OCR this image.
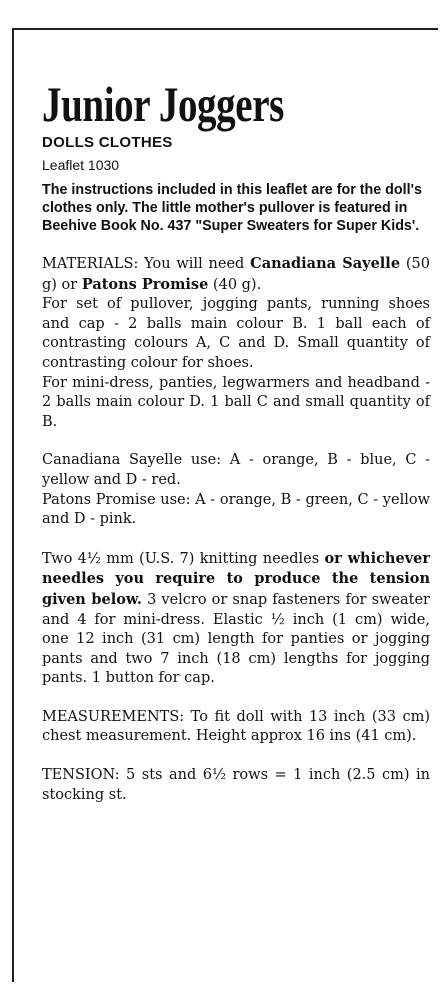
Junior Joggers
DOLLS CLOTHES
Leaflet 1030
The instructions included in this leaflet are for the doll's clothes only. The little mother's pullover is featured in Beehive Book No. 437 "Super Sweaters for Super Kids'.

MATERIALS: You will need Canadiana Sayelle (50 g) or Patons Promise (40 g).

For set of pullover, jogging pants, running shoes and cap - 2 balls main colour B. 1 ball each of contrasting colours A, C and D. Small quantity of contrasting colour for shoes.

For mini-dress, panties, legwarmers and headband - 2 balls main colour D. 1 ball C and small quantity of B.

Canadiana Sayelle use: A - orange, B - blue, C - yellow and D - red.

Patons Promise use: A - orange, B - green, C - yellow and D - pink.

Two 4½ mm (U.S. 7) knitting needles or whichever needles you require to produce the tension given below. 3 velcro or snap fasteners for sweater and 4 for mini-dress. Elastic ½ inch (1 cm) wide, one 12 inch (31 cm) length for panties or jogging pants and two 7 inch (18 cm) lengths for jogging pants. 1 button for cap.

MEASUREMENTS: To fit doll with 13 inch (33 cm) chest measurement. Height approx 16 ins (41 cm).

TENSION: 5 sts and 6½ rows = 1 inch (2.5 cm) in stocking st.
